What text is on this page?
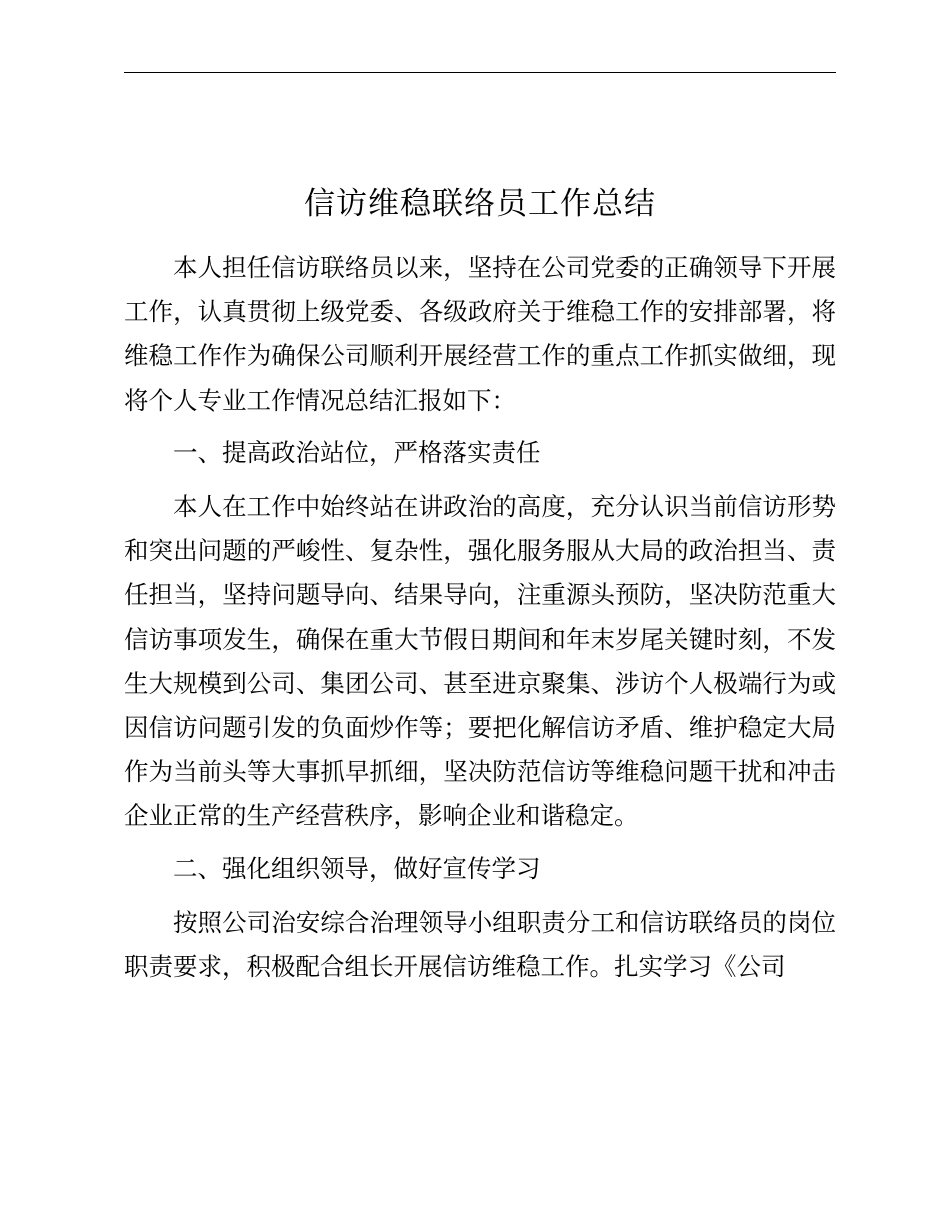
信访维稳联络员工作总结

本人担任信访联络员以来，坚持在公司党委的正确领导下开展工作，认真贯彻上级党委、各级政府关于维稳工作的安排部署，将维稳工作作为确保公司顺利开展经营工作的重点工作抓实做细，现将个人专业工作情况总结汇报如下：

一、提高政治站位，严格落实责任

本人在工作中始终站在讲政治的高度，充分认识当前信访形势和突出问题的严峻性、复杂性，强化服务服从大局的政治担当、责任担当，坚持问题导向、结果导向，注重源头预防，坚决防范重大信访事项发生，确保在重大节假日期间和年末岁尾关键时刻，不发生大规模到公司、集团公司、甚至进京聚集、涉访个人极端行为或因信访问题引发的负面炒作等；要把化解信访矛盾、维护稳定大局作为当前头等大事抓早抓细，坚决防范信访等维稳问题干扰和冲击企业正常的生产经营秩序，影响企业和谐稳定。

二、强化组织领导，做好宣传学习

按照公司治安综合治理领导小组职责分工和信访联络员的岗位职责要求，积极配合组长开展信访维稳工作。扎实学习《公司
